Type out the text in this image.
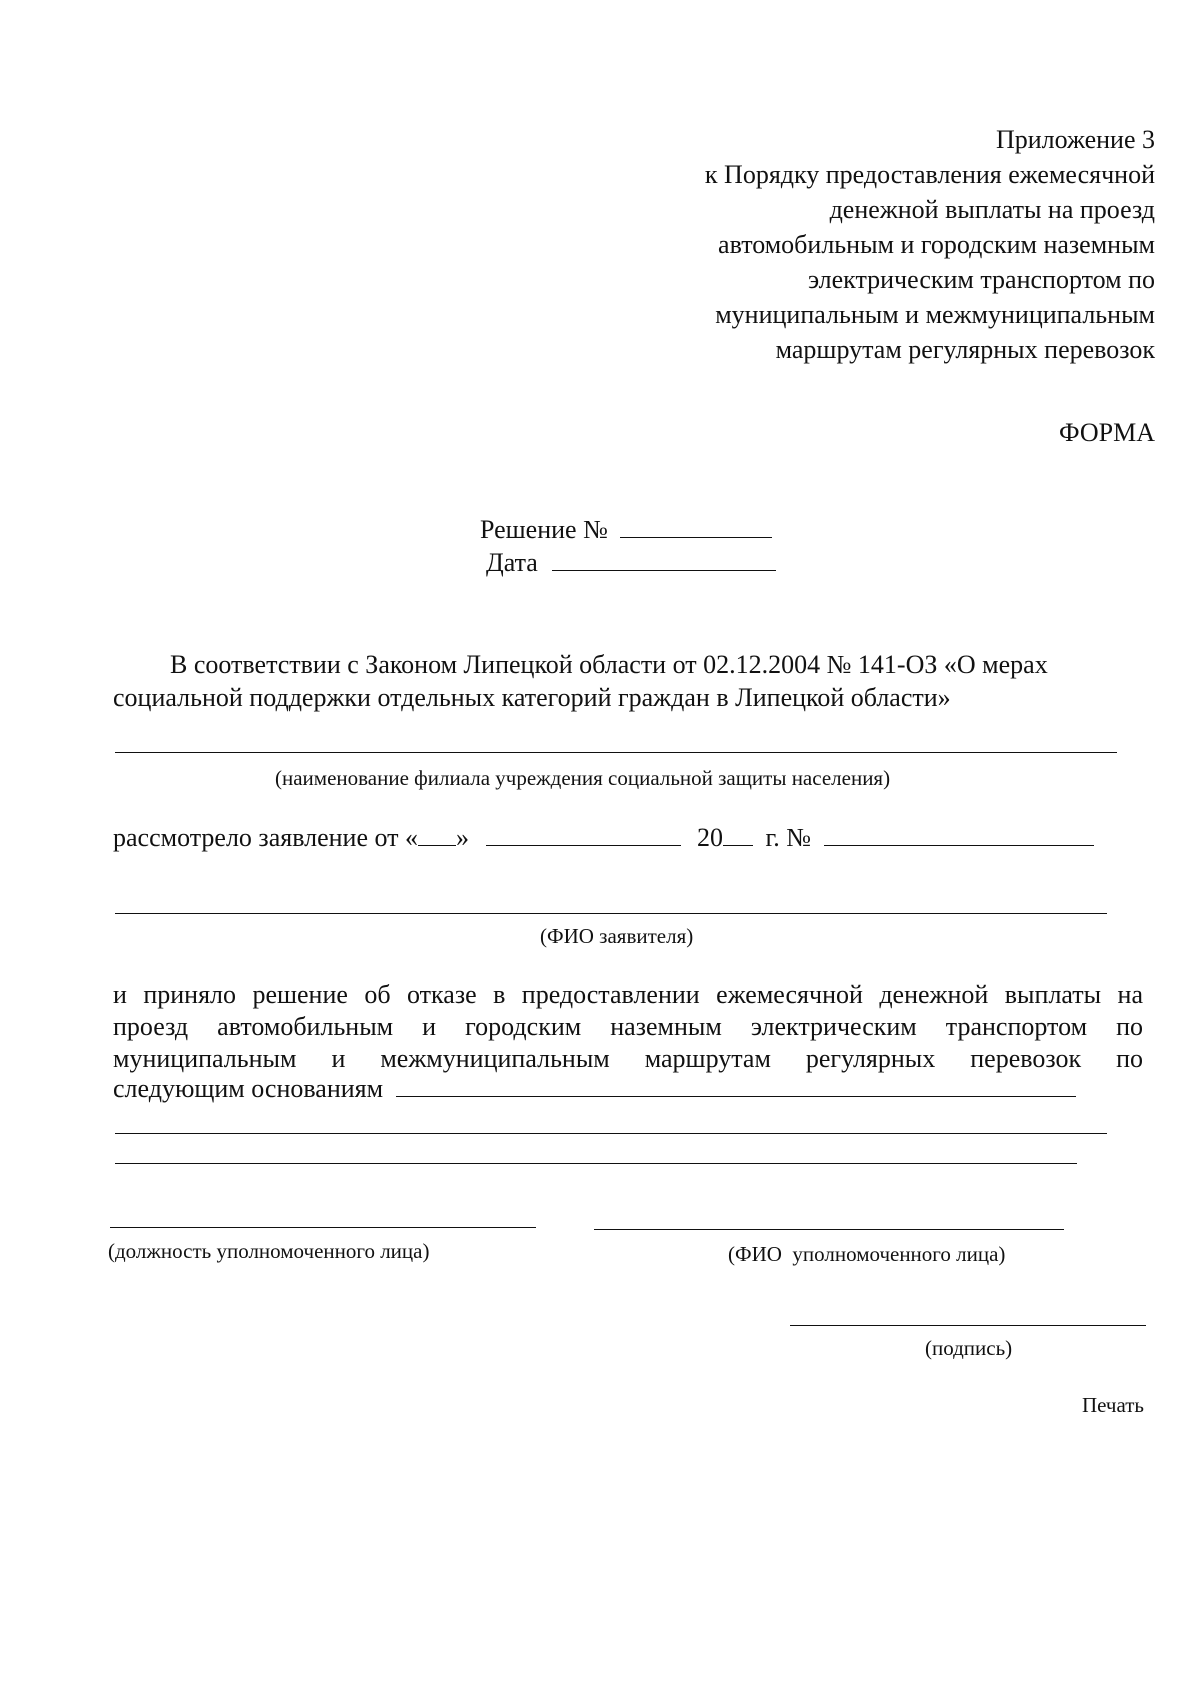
Приложение 3
к Порядку предоставления ежемесячной
денежной выплаты на проезд
автомобильным и городским наземным
электрическим транспортом по
муниципальным и межмуниципальным
маршрутам регулярных перевозок
ФОРМА
Решение №
Дата
В соответствии с Законом Липецкой области от 02.12.2004 № 141-ОЗ «О мерах
социальной поддержки отдельных категорий граждан в Липецкой области»
(наименование филиала учреждения социальной защиты населения)
рассмотрело заявление от « »	20 г. №
(ФИО заявителя)
и приняло решение об отказе в предоставлении ежемесячной денежной выплаты на
проезд автомобильным и городским наземным электрическим транспортом по
муниципальным и межмуниципальным маршрутам регулярных перевозок по
следующим основаниям
(должность уполномоченного лица)	(ФИО  уполномоченного лица)
(подпись)
Печать
